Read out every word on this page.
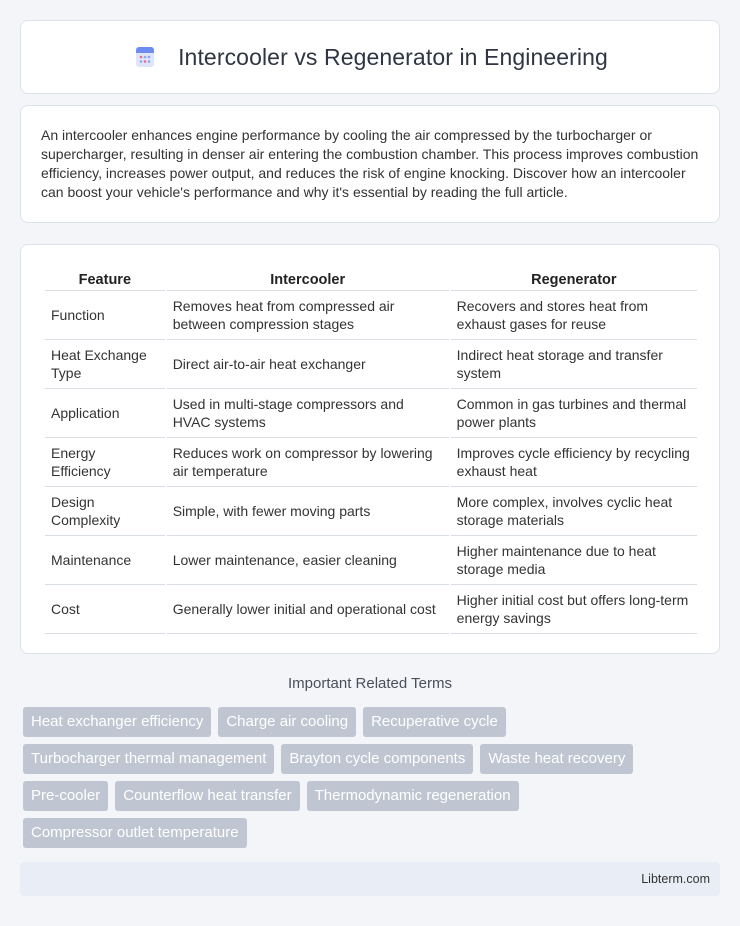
Intercooler vs Regenerator in Engineering

An intercooler enhances engine performance by cooling the air compressed by the turbocharger or supercharger, resulting in denser air entering the combustion chamber. This process improves combustion efficiency, increases power output, and reduces the risk of engine knocking. Discover how an intercooler can boost your vehicle's performance and why it's essential by reading the full article.

Feature	Intercooler	Regenerator
Function	Removes heat from compressed air between compression stages	Recovers and stores heat from exhaust gases for reuse
Heat Exchange Type	Direct air-to-air heat exchanger	Indirect heat storage and transfer system
Application	Used in multi-stage compressors and HVAC systems	Common in gas turbines and thermal power plants
Energy Efficiency	Reduces work on compressor by lowering air temperature	Improves cycle efficiency by recycling exhaust heat
Design Complexity	Simple, with fewer moving parts	More complex, involves cyclic heat storage materials
Maintenance	Lower maintenance, easier cleaning	Higher maintenance due to heat storage media
Cost	Generally lower initial and operational cost	Higher initial cost but offers long-term energy savings
Important Related Terms
Heat exchanger efficiency	Charge air cooling	Recuperative cycle
Turbocharger thermal management	Brayton cycle components	Waste heat recovery
Pre-cooler	Counterflow heat transfer	Thermodynamic regeneration
Compressor outlet temperature
Libterm.com
